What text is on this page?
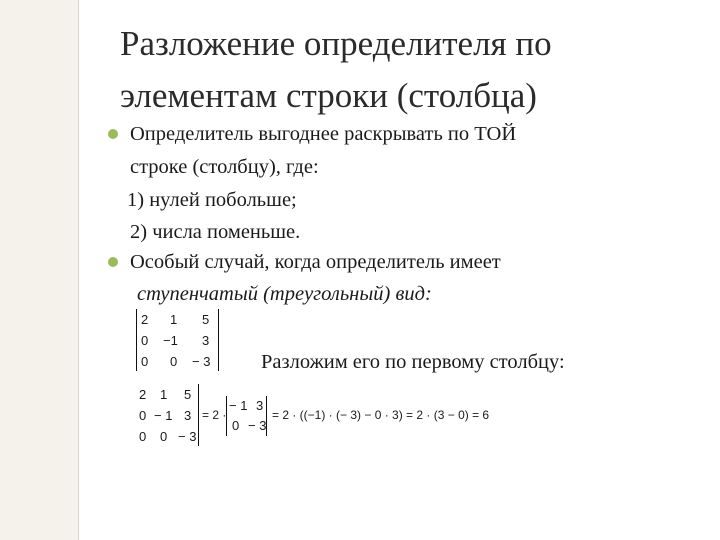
Разложение определителя по
элементам строки (столбца)
Определитель выгоднее раскрывать по ТОЙ
строке (столбцу), где:
1) нулей побольше;
2) числа поменьше.
Особый случай, когда определитель имеет
ступенчатый (треугольный) вид:
2 1 5
0 −1 3
0 0 − 3 Разложим его по первому столбцу:
2 1 5
0 − 1 3
0 0 − 3
= 2 ·
− 1 3
0 − 3
= 2 · ((−1) · (− 3) − 0 · 3) = 2 · (3 − 0) = 6
